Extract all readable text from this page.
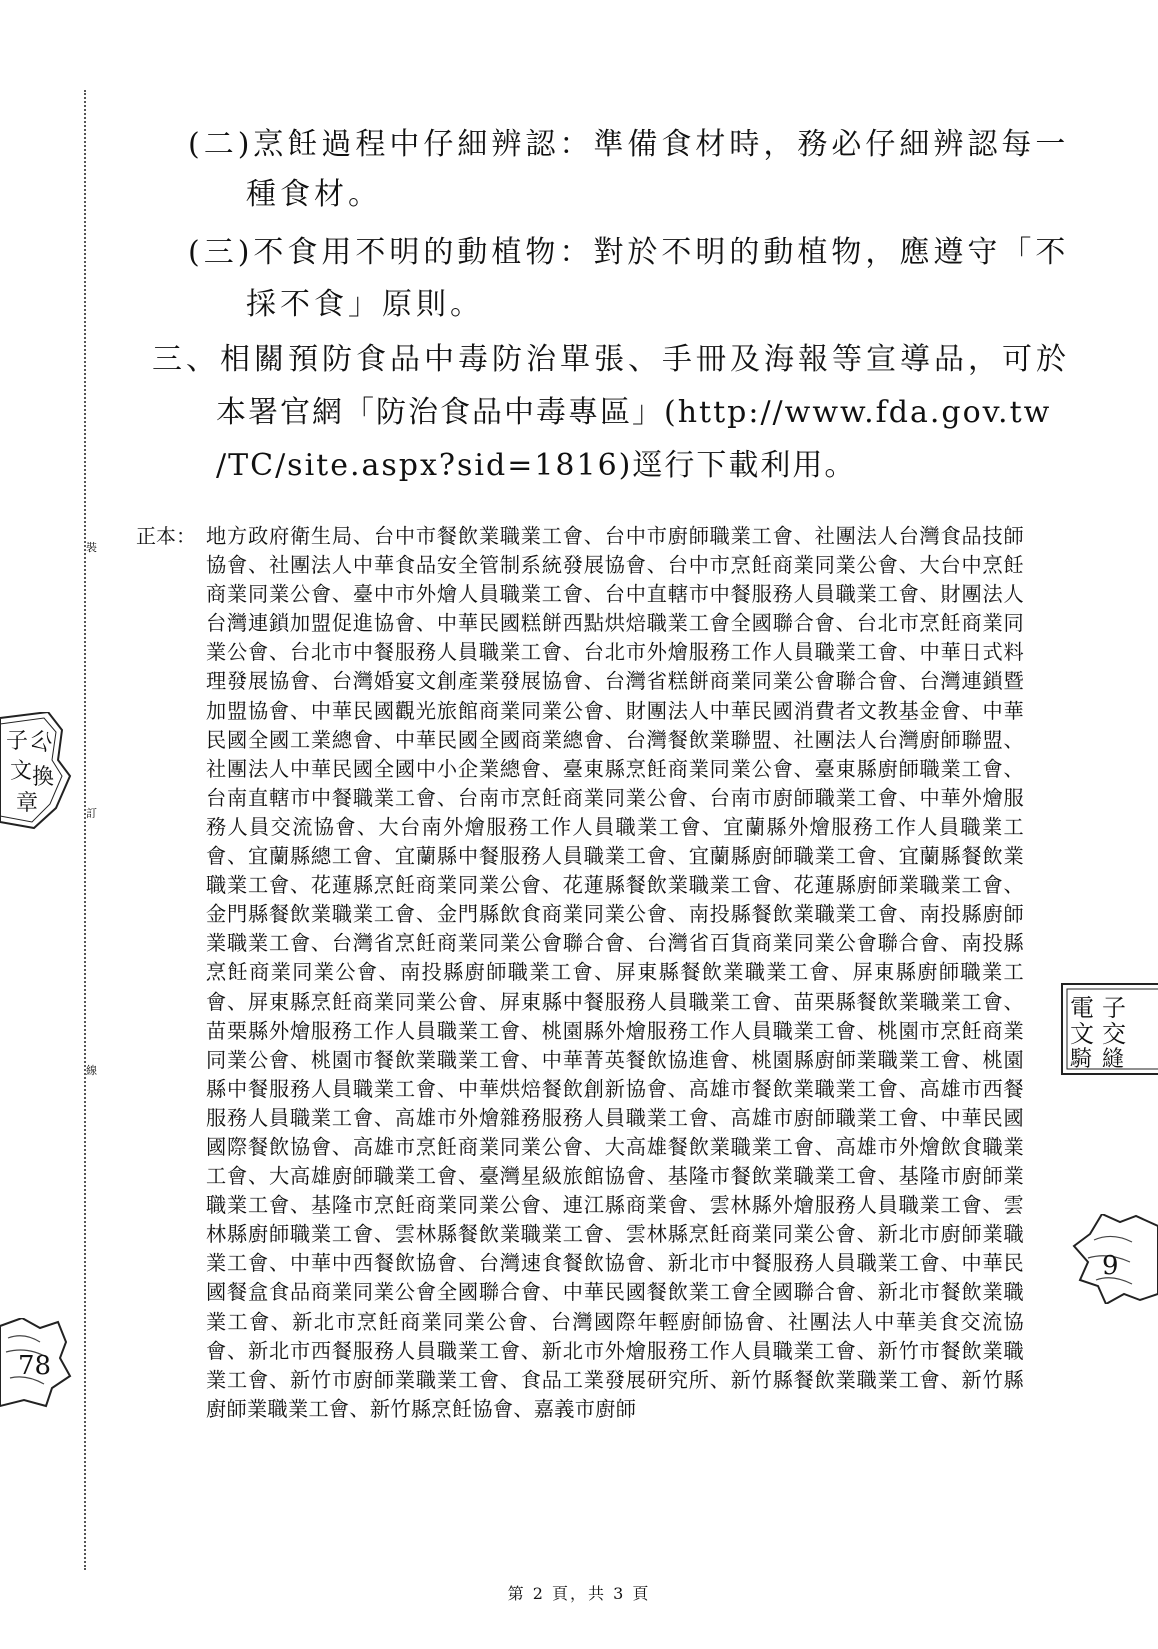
裝
訂
線
(二)烹飪過程中仔細辨認：準備食材時，務必仔細辨認每一
種食材。
(三)不食用不明的動植物：對於不明的動植物，應遵守「不
採不食」原則。
三、相關預防食品中毒防治單張、手冊及海報等宣導品，可於
本署官網「防治食品中毒專區」(http://www.fda.gov.tw
/TC/site.aspx?sid=1816)逕行下載利用。
正本： 地方政府衛生局、台中市餐飲業職業工會、台中市廚師職業工會、社團法人台灣食品技師協會、社團法人中華食品安全管制系統發展協會、台中市烹飪商業同業公會、大台中烹飪商業同業公會、臺中市外燴人員職業工會、台中直轄市中餐服務人員職業工會、財團法人台灣連鎖加盟促進協會、中華民國糕餅西點烘焙職業工會全國聯合會、台北市烹飪商業同業公會、台北市中餐服務人員職業工會、台北市外燴服務工作人員職業工會、中華日式料理發展協會、台灣婚宴文創產業發展協會、台灣省糕餅商業同業公會聯合會、台灣連鎖暨加盟協會、中華民國觀光旅館商業同業公會、財團法人中華民國消費者文教基金會、中華民國全國工業總會、中華民國全國商業總會、台灣餐飲業聯盟、社團法人台灣廚師聯盟、社團法人中華民國全國中小企業總會、臺東縣烹飪商業同業公會、臺東縣廚師職業工會、台南直轄市中餐職業工會、台南市烹飪商業同業公會、台南市廚師職業工會、中華外燴服務人員交流協會、大台南外燴服務工作人員職業工會、宜蘭縣外燴服務工作人員職業工會、宜蘭縣總工會、宜蘭縣中餐服務人員職業工會、宜蘭縣廚師職業工會、宜蘭縣餐飲業職業工會、花蓮縣烹飪商業同業公會、花蓮縣餐飲業職業工會、花蓮縣廚師業職業工會、金門縣餐飲業職業工會、金門縣飲食商業同業公會、南投縣餐飲業職業工會、南投縣廚師業職業工會、台灣省烹飪商業同業公會聯合會、台灣省百貨商業同業公會聯合會、南投縣烹飪商業同業公會、南投縣廚師職業工會、屏東縣餐飲業職業工會、屏東縣廚師職業工會、屏東縣烹飪商業同業公會、屏東縣中餐服務人員職業工會、苗栗縣餐飲業職業工會、苗栗縣外燴服務工作人員職業工會、桃園縣外燴服務工作人員職業工會、桃園市烹飪商業同業公會、桃園市餐飲業職業工會、中華菁英餐飲協進會、桃園縣廚師業職業工會、桃園縣中餐服務人員職業工會、中華烘焙餐飲創新協會、高雄市餐飲業職業工會、高雄市西餐服務人員職業工會、高雄市外燴雜務服務人員職業工會、高雄市廚師職業工會、中華民國國際餐飲協會、高雄市烹飪商業同業公會、大高雄餐飲業職業工會、高雄市外燴飲食職業工會、大高雄廚師職業工會、臺灣星級旅館協會、基隆市餐飲業職業工會、基隆市廚師業職業工會、基隆市烹飪商業同業公會、連江縣商業會、雲林縣外燴服務人員職業工會、雲林縣廚師職業工會、雲林縣餐飲業職業工會、雲林縣烹飪商業同業公會、新北市廚師業職業工會、中華中西餐飲協會、台灣速食餐飲協會、新北市中餐服務人員職業工會、中華民國餐盒食品商業同業公會全國聯合會、中華民國餐飲業工會全國聯合會、新北市餐飲業職業工會、新北市烹飪商業同業公會、台灣國際年輕廚師協會、社團法人中華美食交流協會、新北市西餐服務人員職業工會、新北市外燴服務工作人員職業工會、新竹市餐飲業職業工會、新竹市廚師業職業工會、食品工業發展研究所、新竹縣餐飲業職業工會、新竹縣廚師業職業工會、新竹縣烹飪協會、嘉義市廚師
第 2 頁，共 3 頁
子
公
文 換
章
電 子
文 交
騎 縫
78
9
